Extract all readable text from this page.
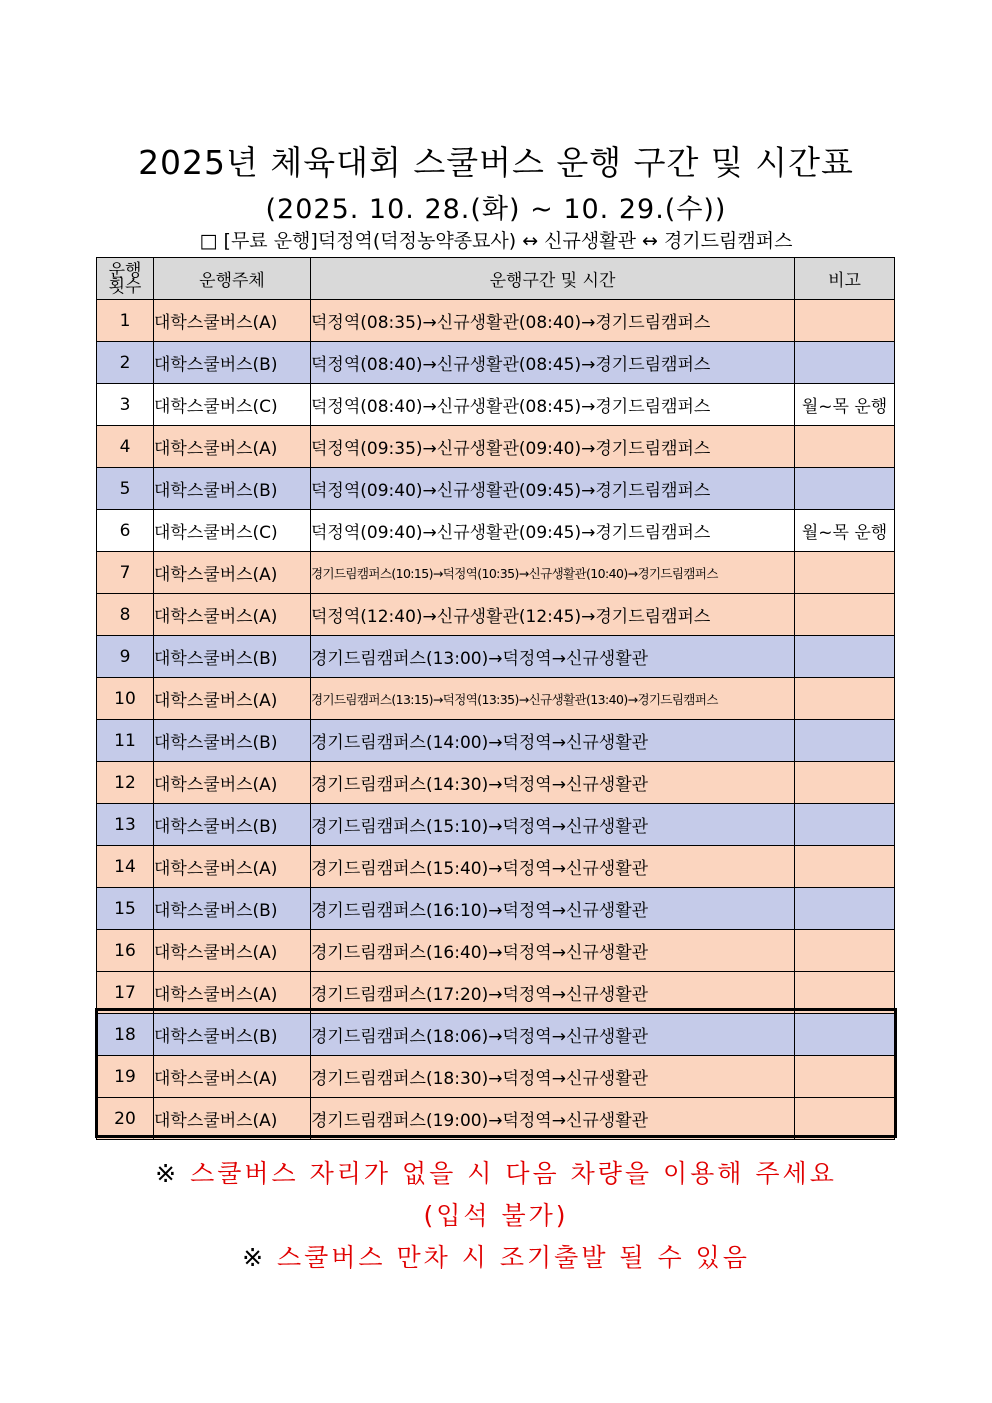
2025년 체육대회 스쿨버스 운행 구간 및 시간표
(2025. 10. 28.(화) ~ 10. 29.(수))
□ [무료 운행]덕정역(덕정농약종묘사) ↔ 신규생활관 ↔ 경기드림캠퍼스
운행
횟수	운행주체	운행구간 및 시간	비고
1	대학스쿨버스(A)	덕정역(08:35)→신규생활관(08:40)→경기드림캠퍼스	
2	대학스쿨버스(B)	덕정역(08:40)→신규생활관(08:45)→경기드림캠퍼스	
3	대학스쿨버스(C)	덕정역(08:40)→신규생활관(08:45)→경기드림캠퍼스	월~목 운행
4	대학스쿨버스(A)	덕정역(09:35)→신규생활관(09:40)→경기드림캠퍼스	
5	대학스쿨버스(B)	덕정역(09:40)→신규생활관(09:45)→경기드림캠퍼스	
6	대학스쿨버스(C)	덕정역(09:40)→신규생활관(09:45)→경기드림캠퍼스	월~목 운행
7	대학스쿨버스(A)	경기드림캠퍼스(10:15)→덕정역(10:35)→신규생활관(10:40)→경기드림캠퍼스	
8	대학스쿨버스(A)	덕정역(12:40)→신규생활관(12:45)→경기드림캠퍼스	
9	대학스쿨버스(B)	경기드림캠퍼스(13:00)→덕정역→신규생활관	
10	대학스쿨버스(A)	경기드림캠퍼스(13:15)→덕정역(13:35)→신규생활관(13:40)→경기드림캠퍼스	
11	대학스쿨버스(B)	경기드림캠퍼스(14:00)→덕정역→신규생활관	
12	대학스쿨버스(A)	경기드림캠퍼스(14:30)→덕정역→신규생활관	
13	대학스쿨버스(B)	경기드림캠퍼스(15:10)→덕정역→신규생활관	
14	대학스쿨버스(A)	경기드림캠퍼스(15:40)→덕정역→신규생활관	
15	대학스쿨버스(B)	경기드림캠퍼스(16:10)→덕정역→신규생활관	
16	대학스쿨버스(A)	경기드림캠퍼스(16:40)→덕정역→신규생활관	
17	대학스쿨버스(A)	경기드림캠퍼스(17:20)→덕정역→신규생활관	
18	대학스쿨버스(B)	경기드림캠퍼스(18:06)→덕정역→신규생활관	
19	대학스쿨버스(A)	경기드림캠퍼스(18:30)→덕정역→신규생활관	
20	대학스쿨버스(A)	경기드림캠퍼스(19:00)→덕정역→신규생활관	
※ 스쿨버스 자리가 없을 시 다음 차량을 이용해 주세요
(입석 불가)
※ 스쿨버스 만차 시 조기출발 될 수 있음
